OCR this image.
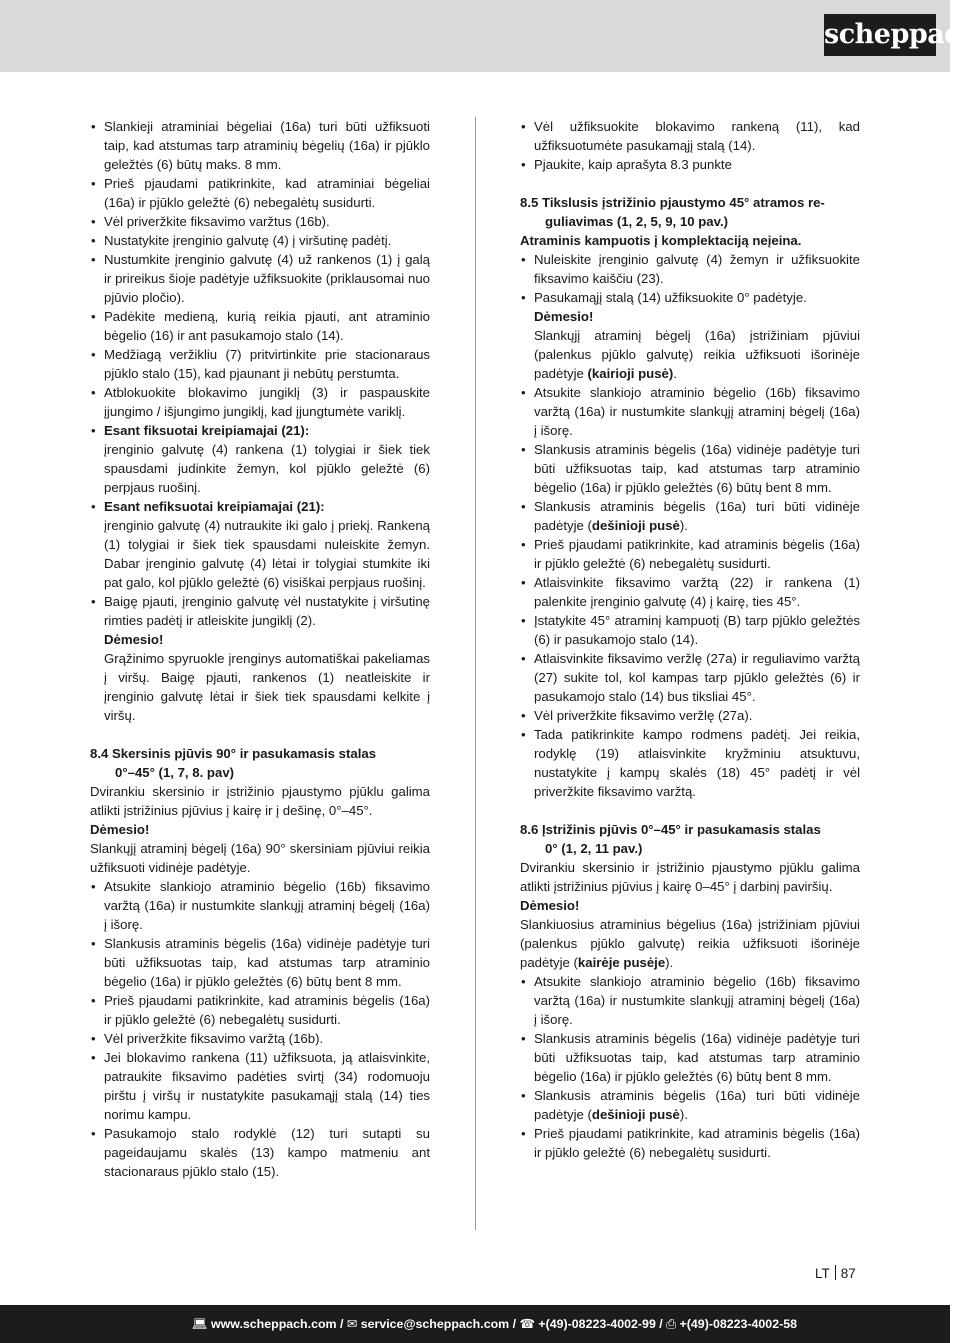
scheppach
• Slankieji atraminiai bėgeliai (16a) turi būti užfiksuoti taip, kad atstumas tarp atraminių bėgelių (16a) ir pjūklo geležtės (6) būtų maks. 8 mm.
• Prieš pjaudami patikrinkite, kad atraminiai bėgeliai (16a) ir pjūklo geležtė (6) nebegalėtų susidurti.
• Vėl priveržkite fiksavimo varžtus (16b).
• Nustatykite įrenginio galvutę (4) į viršutinę padėtį.
• Nustumkite įrenginio galvutę (4) už rankenos (1) į galą ir prireikus šioje padėtyje užfiksuokite (priklausomai nuo pjūvio pločio).
• Padėkite medieną, kurią reikia pjauti, ant atraminio bėgelio (16) ir ant pasukamojo stalo (14).
• Medžiagą veržikliu (7) pritvirtinkite prie stacionaraus pjūklo stalo (15), kad pjaunant ji nebūtų perstumta.
• Atblokuokite blokavimo jungiklį (3) ir paspauskite įjungimo / išjungimo jungiklį, kad įjungtumėte variklį.
• Esant fiksuotai kreipiamajai (21):
įrenginio galvutę (4) rankena (1) tolygiai ir šiek tiek spausdami judinkite žemyn, kol pjūklo geležtė (6) perpjaus ruošinį.
• Esant nefiksuotai kreipiamajai (21):
įrenginio galvutę (4) nutraukite iki galo į priekį. Rankeną (1) tolygiai ir šiek tiek spausdami nuleiskite žemyn. Dabar įrenginio galvutę (4) lėtai ir tolygiai stumkite iki pat galo, kol pjūklo geležtė (6) visiškai perpjaus ruošinį.
• Baigę pjauti, įrenginio galvutę vėl nustatykite į viršutinę rimties padėtį ir atleiskite jungiklį (2).

Dėmesio!

Grąžinimo spyruokle įrenginys automatiškai pakeliamas į viršų. Baigę pjauti, rankenos (1) neatleiskite ir įrenginio galvutę lėtai ir šiek tiek spausdami kelkite į viršų.

8.4 Skersinis pjūvis 90° ir pasukamasis stalas
0°–45° (1, 7, 8. pav)

Dvirankiu skersinio ir įstrižinio pjaustymo pjūklu galima atlikti įstrižinius pjūvius į kairę ir į dešinę, 0°–45°.

Dėmesio!

Slankųjį atraminį bėgelį (16a) 90° skersiniam pjūviui reikia užfiksuoti vidinėje padėtyje.

• Atsukite slankiojo atraminio bėgelio (16b) fiksavimo varžtą (16a) ir nustumkite slankųjį atraminį bėgelį (16a) į išorę.
• Slankusis atraminis bėgelis (16a) vidinėje padėtyje turi būti užfiksuotas taip, kad atstumas tarp atraminio bėgelio (16a) ir pjūklo geležtės (6) būtų bent 8 mm.
• Prieš pjaudami patikrinkite, kad atraminis bėgelis (16a) ir pjūklo geležtė (6) nebegalėtų susidurti.
• Vėl priveržkite fiksavimo varžtą (16b).
• Jei blokavimo rankena (11) užfiksuota, ją atlaisvinkite, patraukite fiksavimo padėties svirtį (34) rodomuoju pirštu į viršų ir nustatykite pasukamąjį stalą (14) ties norimu kampu.
• Pasukamojo stalo rodyklė (12) turi sutapti su pageidaujamu skalės (13) kampo matmeniu ant stacionaraus pjūklo stalo (15).
• Vėl užfiksuokite blokavimo rankeną (11), kad užfiksuotumėte pasukamąjį stalą (14).
• Pjaukite, kaip aprašyta 8.3 punkte
8.5 Tikslusis įstrižinio pjaustymo 45° atramos re-
guliavimas (1, 2, 5, 9, 10 pav.)

Atraminis kampuotis į komplektaciją neįeina.

• Nuleiskite įrenginio galvutę (4) žemyn ir užfiksuokite fiksavimo kaiščiu (23).
• Pasukamąjį stalą (14) užfiksuokite 0° padėtyje.

Dėmesio!

Slankųjį atraminį bėgelį (16a) įstrižiniam pjūviui (palenkus pjūklo galvutę) reikia užfiksuoti išorinėje padėtyje (kairioji pusė).

• Atsukite slankiojo atraminio bėgelio (16b) fiksavimo varžtą (16a) ir nustumkite slankųjį atraminį bėgelį (16a) į išorę.
• Slankusis atraminis bėgelis (16a) vidinėje padėtyje turi būti užfiksuotas taip, kad atstumas tarp atraminio bėgelio (16a) ir pjūklo geležtės (6) būtų bent 8 mm.
• Slankusis atraminis bėgelis (16a) turi būti vidinėje padėtyje (dešinioji pusė).
• Prieš pjaudami patikrinkite, kad atraminis bėgelis (16a) ir pjūklo geležtė (6) nebegalėtų susidurti.
• Atlaisvinkite fiksavimo varžtą (22) ir rankena (1) palenkite įrenginio galvutę (4) į kairę, ties 45°.
• Įstatykite 45° atraminį kampuotį (B) tarp pjūklo geležtės (6) ir pasukamojo stalo (14).
• Atlaisvinkite fiksavimo veržlę (27a) ir reguliavimo varžtą (27) sukite tol, kol kampas tarp pjūklo geležtės (6) ir pasukamojo stalo (14) bus tiksliai 45°.
• Vėl priveržkite fiksavimo veržlę (27a).
• Tada patikrinkite kampo rodmens padėtį. Jei reikia, rodyklę (19) atlaisvinkite kryžminiu atsuktuvu, nustatykite į kampų skalės (18) 45° padėtį ir vėl priveržkite fiksavimo varžtą.
8.6 Įstrižinis pjūvis 0°–45° ir pasukamasis stalas
0° (1, 2, 11 pav.)

Dvirankiu skersinio ir įstrižinio pjaustymo pjūklu galima atlikti įstrižinius pjūvius į kairę 0–45° į darbinį paviršių.

Dėmesio!

Slankiuosius atraminius bėgelius (16a) įstrižiniam pjūviui (palenkus pjūklo galvutę) reikia užfiksuoti išorinėje padėtyje (kairėje pusėje).

• Atsukite slankiojo atraminio bėgelio (16b) fiksavimo varžtą (16a) ir nustumkite slankųjį atraminį bėgelį (16a) į išorę.
• Slankusis atraminis bėgelis (16a) vidinėje padėtyje turi būti užfiksuotas taip, kad atstumas tarp atraminio bėgelio (16a) ir pjūklo geležtės (6) būtų bent 8 mm.
• Slankusis atraminis bėgelis (16a) turi būti vidinėje padėtyje (dešinioji pusė).
• Prieš pjaudami patikrinkite, kad atraminis bėgelis (16a) ir pjūklo geležtė (6) nebegalėtų susidurti.
LT 87
💻︎ www.scheppach.com / ✉︎ service@scheppach.com / ☎︎ +(49)-08223-4002-99 / ⎙ +(49)-08223-4002-58
